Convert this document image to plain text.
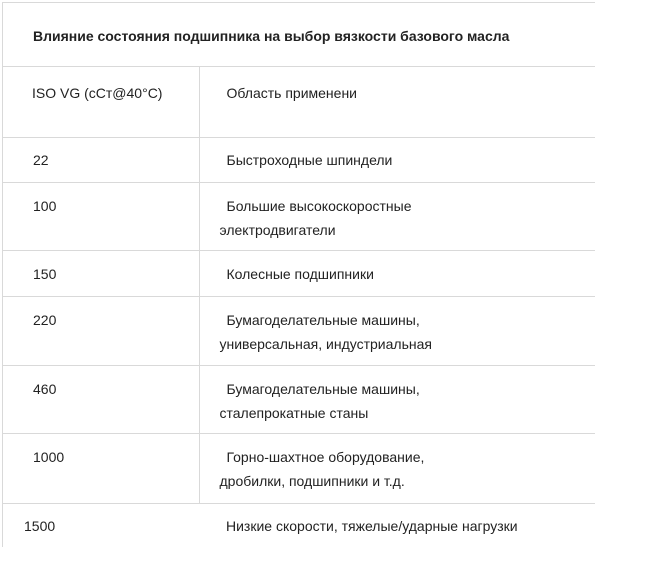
Влияние состояния подшипника на выбор вязкости базового масла
ISO VG (сСт@40°С)	Область применени

22	Быстроходные шпиндели

100	Большие высокоскоростные
электродвигатели

150	Колесные подшипники

220	Бумагоделательные машины,
универсальная, индустриальная

460	Бумагоделательные машины,
сталепрокатные станы

1000	Горно-шахтное оборудование,
дробилки, подшипники и т.д.

1500	Низкие скорости, тяжелые/ударные нагрузки
